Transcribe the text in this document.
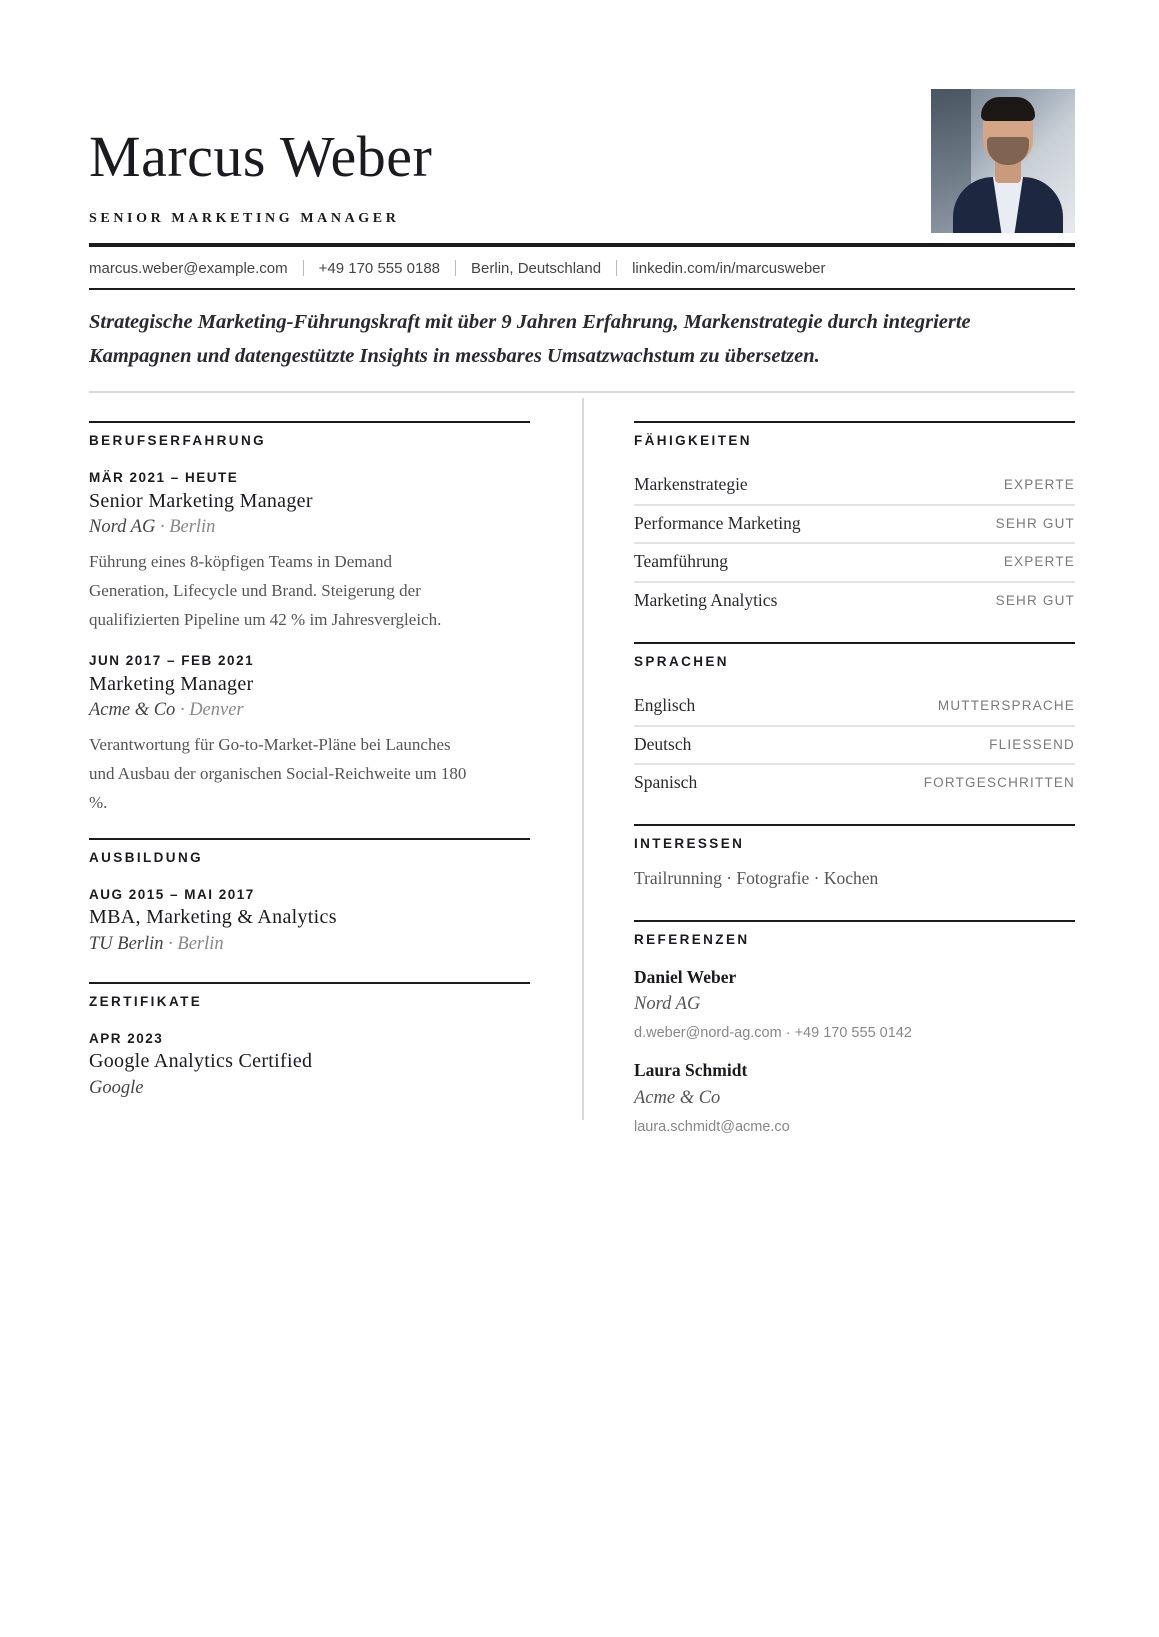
Marcus Weber
SENIOR MARKETING MANAGER
marcus.weber@example.com +49 170 555 0188 Berlin, Deutschland linkedin.com/in/marcusweber
Strategische Marketing-Führungskraft mit über 9 Jahren Erfahrung, Markenstrategie durch integrierte Kampagnen und datengestützte Insights in messbares Umsatzwachstum zu übersetzen.
BERUFSERFAHRUNG
MÄR 2021 – HEUTE
Senior Marketing Manager
Nord AG · Berlin
Führung eines 8-köpfigen Teams in Demand
Generation, Lifecycle und Brand. Steigerung der
qualifizierten Pipeline um 42 % im Jahresvergleich.
JUN 2017 – FEB 2021
Marketing Manager
Acme & Co · Denver
Verantwortung für Go-to-Market-Pläne bei Launches
und Ausbau der organischen Social-Reichweite um 180
%.
AUSBILDUNG
AUG 2015 – MAI 2017
MBA, Marketing & Analytics
TU Berlin · Berlin
ZERTIFIKATE
APR 2023
Google Analytics Certified
Google
FÄHIGKEITEN
Markenstrategie	EXPERTE
Performance Marketing	SEHR GUT
Teamführung	EXPERTE
Marketing Analytics	SEHR GUT
SPRACHEN
Englisch	MUTTERSPRACHE
Deutsch	FLIESSEND
Spanisch	FORTGESCHRITTEN
INTERESSEN
Trailrunning · Fotografie · Kochen
REFERENZEN
Daniel Weber
Nord AG
d.weber@nord-ag.com · +49 170 555 0142
Laura Schmidt
Acme & Co
laura.schmidt@acme.co
